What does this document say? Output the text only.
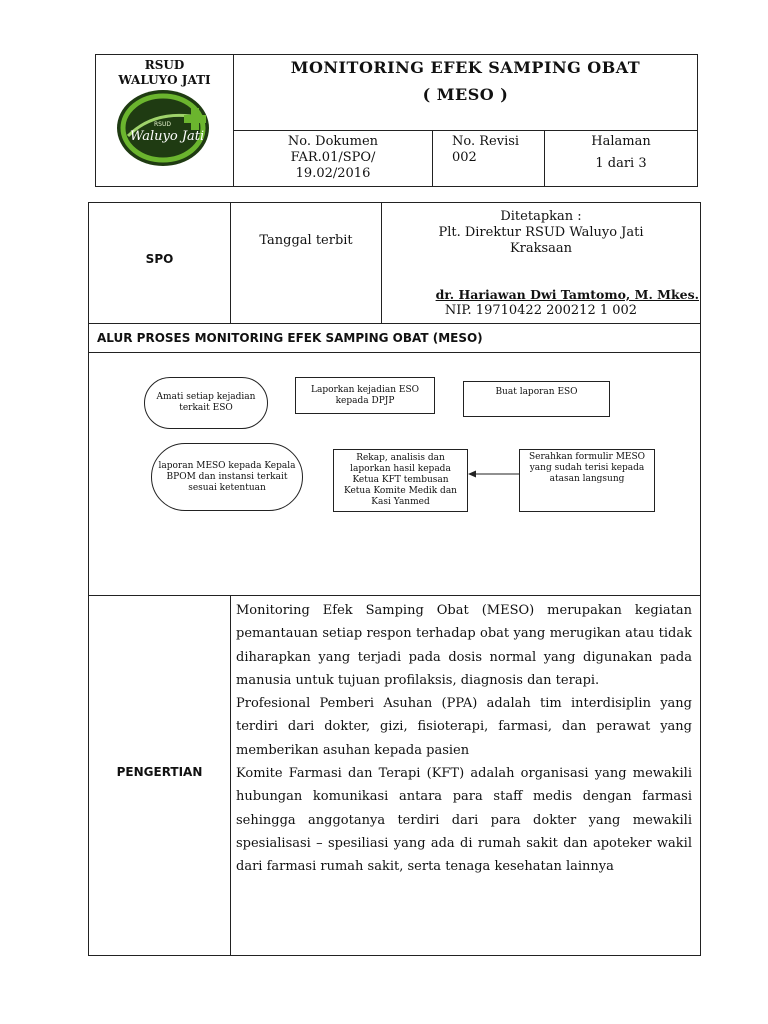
RSUD
WALUYO JATI
RSUD
Waluyo Jati
MONITORING EFEK SAMPING OBAT
( MESO )
No. Dokumen
FAR.01/SPO/
19.02/2016
No. Revisi
002
Halaman
1 dari 3
SPO
Tanggal terbit
Ditetapkan :
Plt. Direktur RSUD Waluyo Jati
Kraksaan
dr. Hariawan Dwi Tamtomo, M. Mkes.
NIP. 19710422 200212 1 002
ALUR PROSES MONITORING EFEK SAMPING OBAT (MESO)
Amati setiap kejadian terkait ESO
Laporkan kejadian ESO kepada DPJP
Buat laporan ESO
laporan MESO kepada Kepala BPOM dan instansi terkait sesuai ketentuan
Rekap, analisis dan laporkan hasil kepada Ketua KFT tembusan Ketua Komite Medik dan Kasi Yanmed
Serahkan formulir MESO yang sudah terisi kepada atasan langsung
PENGERTIAN

Monitoring Efek Samping Obat (MESO) merupakan kegiatan pemantauan setiap respon terhadap obat yang merugikan atau tidak diharapkan yang terjadi pada dosis normal yang digunakan pada manusia untuk tujuan profilaksis, diagnosis dan terapi.

Profesional Pemberi Asuhan (PPA) adalah tim interdisiplin yang terdiri dari dokter, gizi, fisioterapi, farmasi, dan perawat yang memberikan asuhan kepada pasien

Komite Farmasi dan Terapi (KFT) adalah organisasi yang mewakili hubungan komunikasi antara para staff medis dengan farmasi sehingga anggotanya terdiri dari para dokter yang mewakili spesialisasi – spesiliasi yang ada di rumah sakit dan apoteker wakil dari farmasi rumah sakit, serta tenaga kesehatan lainnya
